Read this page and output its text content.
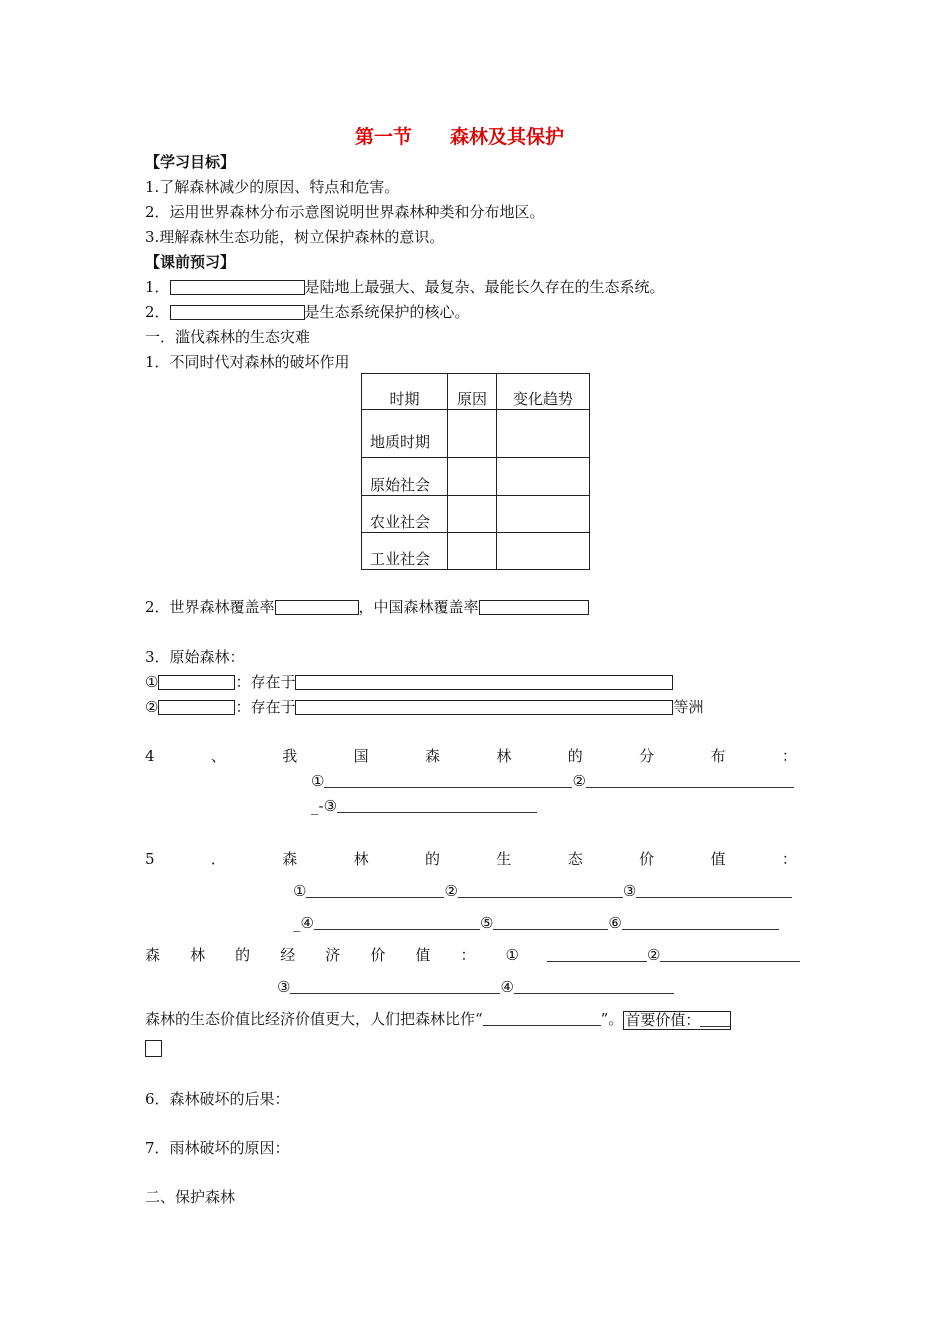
第一节　　森林及其保护
【学习目标】
1.了解森林减少的原因、特点和危害。
2．运用世界森林分布示意图说明世界森林种类和分布地区。
3.理解森林生态功能，树立保护森林的意识。
【课前预习】
1．	是陆地上最强大、最复杂、最能长久存在的生态系统。
2．	是生态系统保护的核心。
一．滥伐森林的生态灾难
1．不同时代对森林的破坏作用
时期	原因	变化趋势
地质时期		
原始社会		
农业社会		
工业社会		
2．世界森林覆盖率	，中国森林覆盖率
3．原始森林：
①	：存在于
②	：存在于	等洲
4	、	我	国	森	林	的	分	布	：
①	②
_-③
5	．	森	林	的	生	态	价	值	：
①	②	③
_④	⑤	⑥
森 林 的 经 济 价 值 ： ①	②
③	④
森林的生态价值比经济价值更大，人们把森林比作“	”。 首要价值：
6．森林破坏的后果：
7．雨林破坏的原因：
二、保护森林
